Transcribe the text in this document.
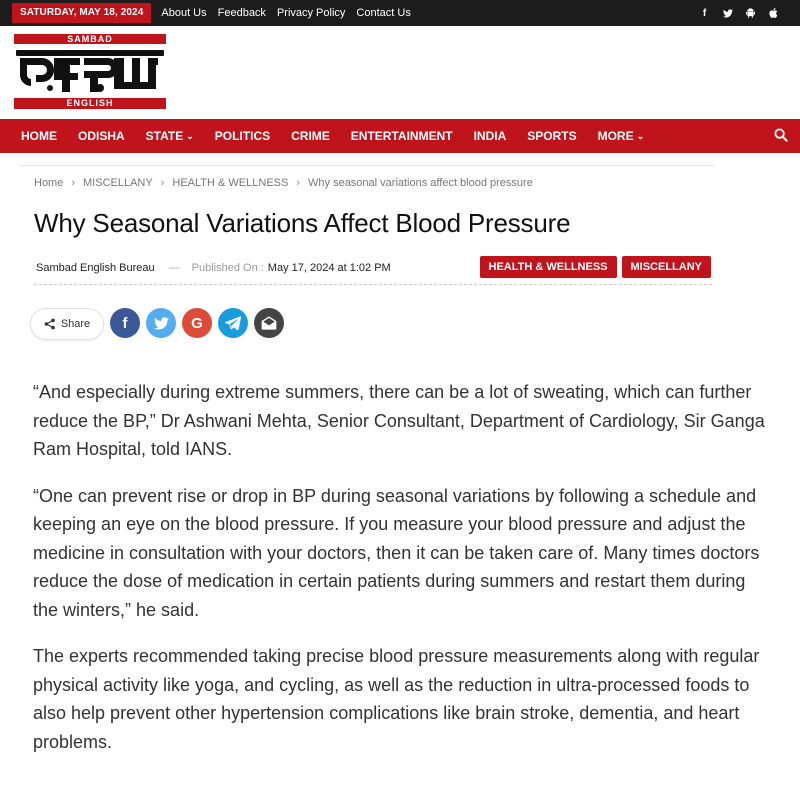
SATURDAY, MAY 18, 2024	About Us Feedback Privacy Policy Contact Us	f
SAMBAD
ENGLISH
HOME ODISHA STATE ⌄ POLITICS CRIME ENTERTAINMENT INDIA SPORTS MORE ⌄
Home › MISCELLANY › HEALTH & WELLNESS › Why seasonal variations affect blood pressure
Why Seasonal Variations Affect Blood Pressure
Sambad English Bureau — Published On : May 17, 2024 at 1:02 PM	HEALTH & WELLNESS	MISCELLANY
Share f	G

“And especially during extreme summers, there can be a lot of sweating, which can further reduce the BP,” Dr Ashwani Mehta, Senior Consultant, Department of Cardiology, Sir Ganga Ram Hospital, told IANS.

“One can prevent rise or drop in BP during seasonal variations by following a schedule and keeping an eye on the blood pressure. If you measure your blood pressure and adjust the medicine in consultation with your doctors, then it can be taken care of. Many times doctors reduce the dose of medication in certain patients during summers and restart them during the winters,” he said.

The experts recommended taking precise blood pressure measurements along with regular physical activity like yoga, and cycling, as well as the reduction in ultra-processed foods to also help prevent other hypertension complications like brain stroke, dementia, and heart problems.
